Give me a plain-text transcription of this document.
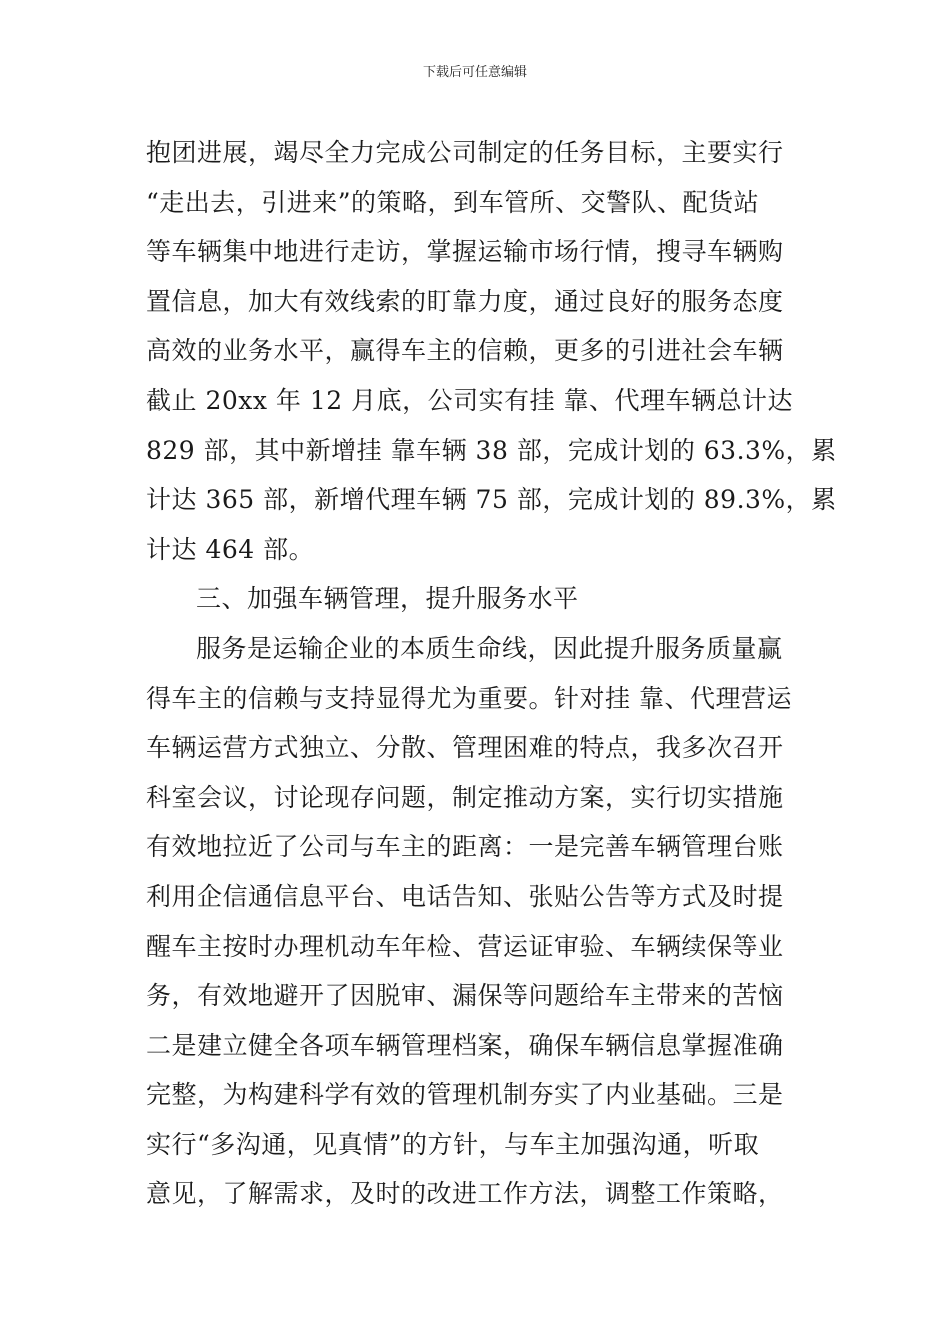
下载后可任意编辑
抱团进展，竭尽全力完成公司制定的任务目标，主要实行
“走出去，引进来”的策略，到车管所、交警队、配货站
等车辆集中地进行走访，掌握运输市场行情，搜寻车辆购
置信息，加大有效线索的盯靠力度，通过良好的服务态度
高效的业务水平，赢得车主的信赖，更多的引进社会车辆
截止 20xx 年 12 月底，公司实有挂 靠、代理车辆总计达
829 部，其中新增挂 靠车辆 38 部，完成计划的 63.3%，累
计达 365 部，新增代理车辆 75 部，完成计划的 89.3%，累
计达 464 部。
三、加强车辆管理，提升服务水平
服务是运输企业的本质生命线，因此提升服务质量赢
得车主的信赖与支持显得尤为重要。针对挂 靠、代理营运
车辆运营方式独立、分散、管理困难的特点，我多次召开
科室会议，讨论现存问题，制定推动方案，实行切实措施
有效地拉近了公司与车主的距离：一是完善车辆管理台账
利用企信通信息平台、电话告知、张贴公告等方式及时提
醒车主按时办理机动车年检、营运证审验、车辆续保等业
务，有效地避开了因脱审、漏保等问题给车主带来的苦恼
二是建立健全各项车辆管理档案，确保车辆信息掌握准确
完整，为构建科学有效的管理机制夯实了内业基础。三是
实行“多沟通，见真情”的方针，与车主加强沟通，听取
意见，了解需求，及时的改进工作方法，调整工作策略，
